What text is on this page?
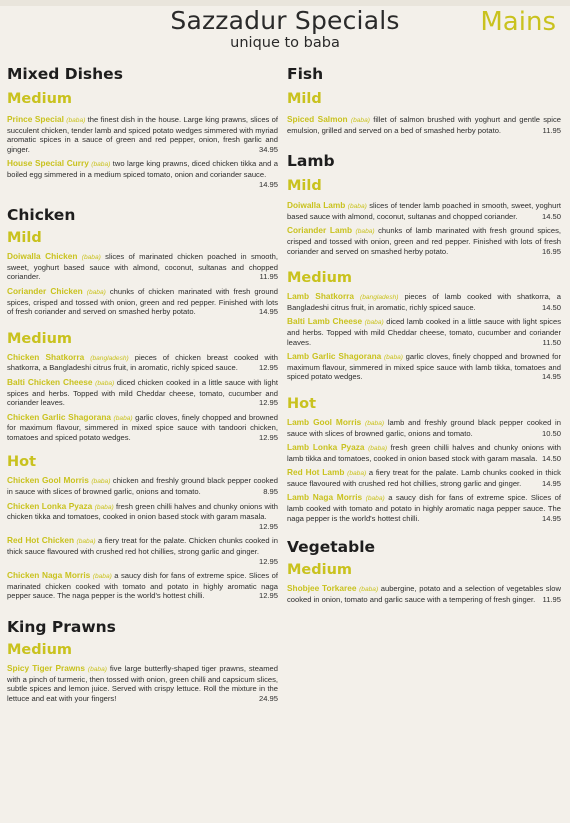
Sazzadur Specials
unique to baba
Mains
Mixed Dishes
Medium
Prince Special (baba) the finest dish in the house. Large king prawns, slices of succulent chicken, tender lamb and spiced potato wedges simmered with myriad aromatic spices in a sauce of green and red pepper, onion, fresh garlic and ginger.	34.95
House Special Curry (baba) two large king prawns, diced chicken tikka and a boiled egg simmered in a medium spiced tomato, onion and coriander sauce.
14.95
Chicken
Mild
Doiwalla Chicken (baba) slices of marinated chicken poached in smooth, sweet, yoghurt based sauce with almond, coconut, sultanas and chopped coriander.	11.95
Coriander Chicken (baba) chunks of chicken marinated with fresh ground spices, crisped and tossed with onion, green and red pepper. Finished with lots of fresh coriander and served on smashed herby potato.	14.95
Medium
Chicken Shatkorra (bangladesh) pieces of chicken breast cooked with shatkorra, a Bangladeshi citrus fruit, in aromatic, richly spiced sauce.	12.95
Balti Chicken Cheese (baba) diced chicken cooked in a little sauce with light spices and herbs. Topped with mild Cheddar cheese, tomato, cucumber and coriander leaves.	12.95
Chicken Garlic Shagorana (baba) garlic cloves, finely chopped and browned for maximum flavour, simmered in mixed spice sauce with tandoori chicken, tomatoes and spiced potato wedges.	12.95
Hot
Chicken Gool Morris (baba) chicken and freshly ground black pepper cooked in sauce with slices of browned garlic, onions and tomato.	8.95
Chicken Lonka Pyaza (baba) fresh green chilli halves and chunky onions with chicken tikka and tomatoes, cooked in onion based stock with garam masala.
12.95
Red Hot Chicken (baba) a fiery treat for the palate. Chicken chunks cooked in thick sauce flavoured with crushed red hot chillies, strong garlic and ginger.
12.95
Chicken Naga Morris (baba) a saucy dish for fans of extreme spice. Slices of marinated chicken cooked with tomato and potato in highly aromatic naga pepper sauce. The naga pepper is the world's hottest chilli.	12.95
King Prawns
Medium
Spicy Tiger Prawns (baba) five large butterfly-shaped tiger prawns, steamed with a pinch of turmeric, then tossed with onion, green chilli and capsicum slices, subtle spices and lemon juice. Served with crispy lettuce. Roll the mixture in the lettuce and eat with your fingers!	24.95
Fish
Mild
Spiced Salmon (baba) fillet of salmon brushed with yoghurt and gentle spice emulsion, grilled and served on a bed of smashed herby potato.	11.95
Lamb
Mild
Doiwalla Lamb (baba) slices of tender lamb poached in smooth, sweet, yoghurt based sauce with almond, coconut, sultanas and chopped coriander.	14.50
Coriander Lamb (baba) chunks of lamb marinated with fresh ground spices, crisped and tossed with onion, green and red pepper. Finished with lots of fresh coriander and served on smashed herby potato.	16.95
Medium
Lamb Shatkorra (bangladesh) pieces of lamb cooked with shatkorra, a Bangladeshi citrus fruit, in aromatic, richly spiced sauce.	14.50
Balti Lamb Cheese (baba) diced lamb cooked in a little sauce with light spices and herbs. Topped with mild Cheddar cheese, tomato, cucumber and coriander leaves.	11.50
Lamb Garlic Shagorana (baba) garlic cloves, finely chopped and browned for maximum flavour, simmered in mixed spice sauce with lamb tikka, tomatoes and spiced potato wedges.	14.95
Hot
Lamb Gool Morris (baba) lamb and freshly ground black pepper cooked in sauce with slices of browned garlic, onions and tomato.	10.50
Lamb Lonka Pyaza (baba) fresh green chilli halves and chunky onions with lamb tikka and tomatoes, cooked in onion based stock with garam masala. 14.50
Red Hot Lamb (baba) a fiery treat for the palate. Lamb chunks cooked in thick sauce flavoured with crushed red hot chillies, strong garlic and ginger.	14.95
Lamb Naga Morris (baba) a saucy dish for fans of extreme spice. Slices of lamb cooked with tomato and potato in highly aromatic naga pepper sauce. The naga pepper is the world's hottest chilli.	14.95
Vegetable
Medium
Shobjee Torkaree (baba) aubergine, potato and a selection of vegetables slow cooked in onion, tomato and garlic sauce with a tempering of fresh ginger. 11.95
